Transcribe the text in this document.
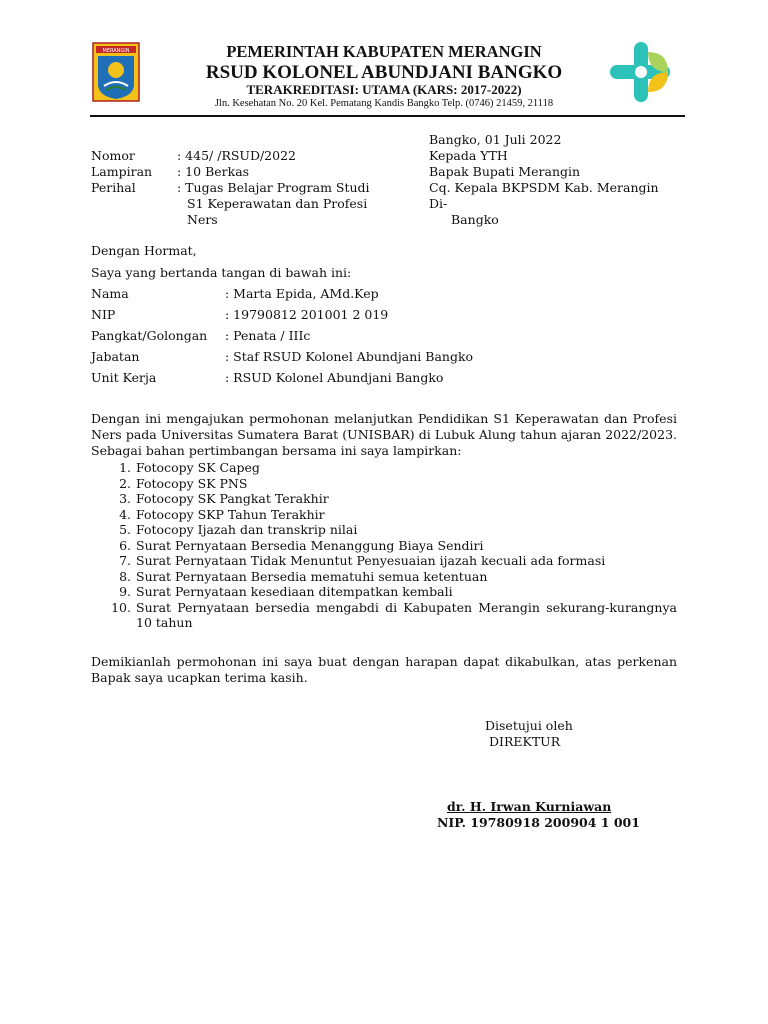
MERANGIN	PEMERINTAH KABUPATEN MERANGIN
RSUD KOLONEL ABUNDJANI BANGKO
TERAKREDITASI: UTAMA (KARS: 2017-2022)
Jln. Kesehatan No. 20 Kel. Pematang Kandis Bangko Telp. (0746) 21459, 21118
Bangko, 01 Juli 2022
Nomor	: 445/ /RSUD/2022
Lampiran : 10 Berkas
Perihal	: Tugas Belajar Program Studi
S1 Keperawatan dan Profesi
Ners
Kepada YTH
Bapak Bupati Merangin
Cq. Kepala BKPSDM Kab. Merangin
Di-
Bangko
Dengan Hormat,
Saya yang bertanda tangan di bawah ini:
Nama	: Marta Epida, AMd.Kep
NIP	: 19790812 201001 2 019
Pangkat/Golongan : Penata / IIIc
Jabatan	: Staf RSUD Kolonel Abundjani Bangko
Unit Kerja	: RSUD Kolonel Abundjani Bangko
Dengan ini mengajukan permohonan melanjutkan Pendidikan S1 Keperawatan dan Profesi Ners pada Universitas Sumatera Barat (UNISBAR) di Lubuk Alung tahun ajaran 2022/2023. Sebagai bahan pertimbangan bersama ini saya lampirkan:
1. Fotocopy SK Capeg
2. Fotocopy SK PNS
3. Fotocopy SK Pangkat Terakhir
4. Fotocopy SKP Tahun Terakhir
5. Fotocopy Ijazah dan transkrip nilai
6. Surat Pernyataan Bersedia Menanggung Biaya Sendiri
7. Surat Pernyataan Tidak Menuntut Penyesuaian ijazah kecuali ada formasi
8. Surat Pernyataan Bersedia mematuhi semua ketentuan
9. Surat Pernyataan kesediaan ditempatkan kembali
10. Surat Pernyataan bersedia mengabdi di Kabupaten Merangin sekurang-kurangnya 10 tahun
Demikianlah permohonan ini saya buat dengan harapan dapat dikabulkan, atas perkenan Bapak saya ucapkan terima kasih.
Disetujui oleh
DIREKTUR
dr. H. Irwan Kurniawan
NIP. 19780918 200904 1 001
